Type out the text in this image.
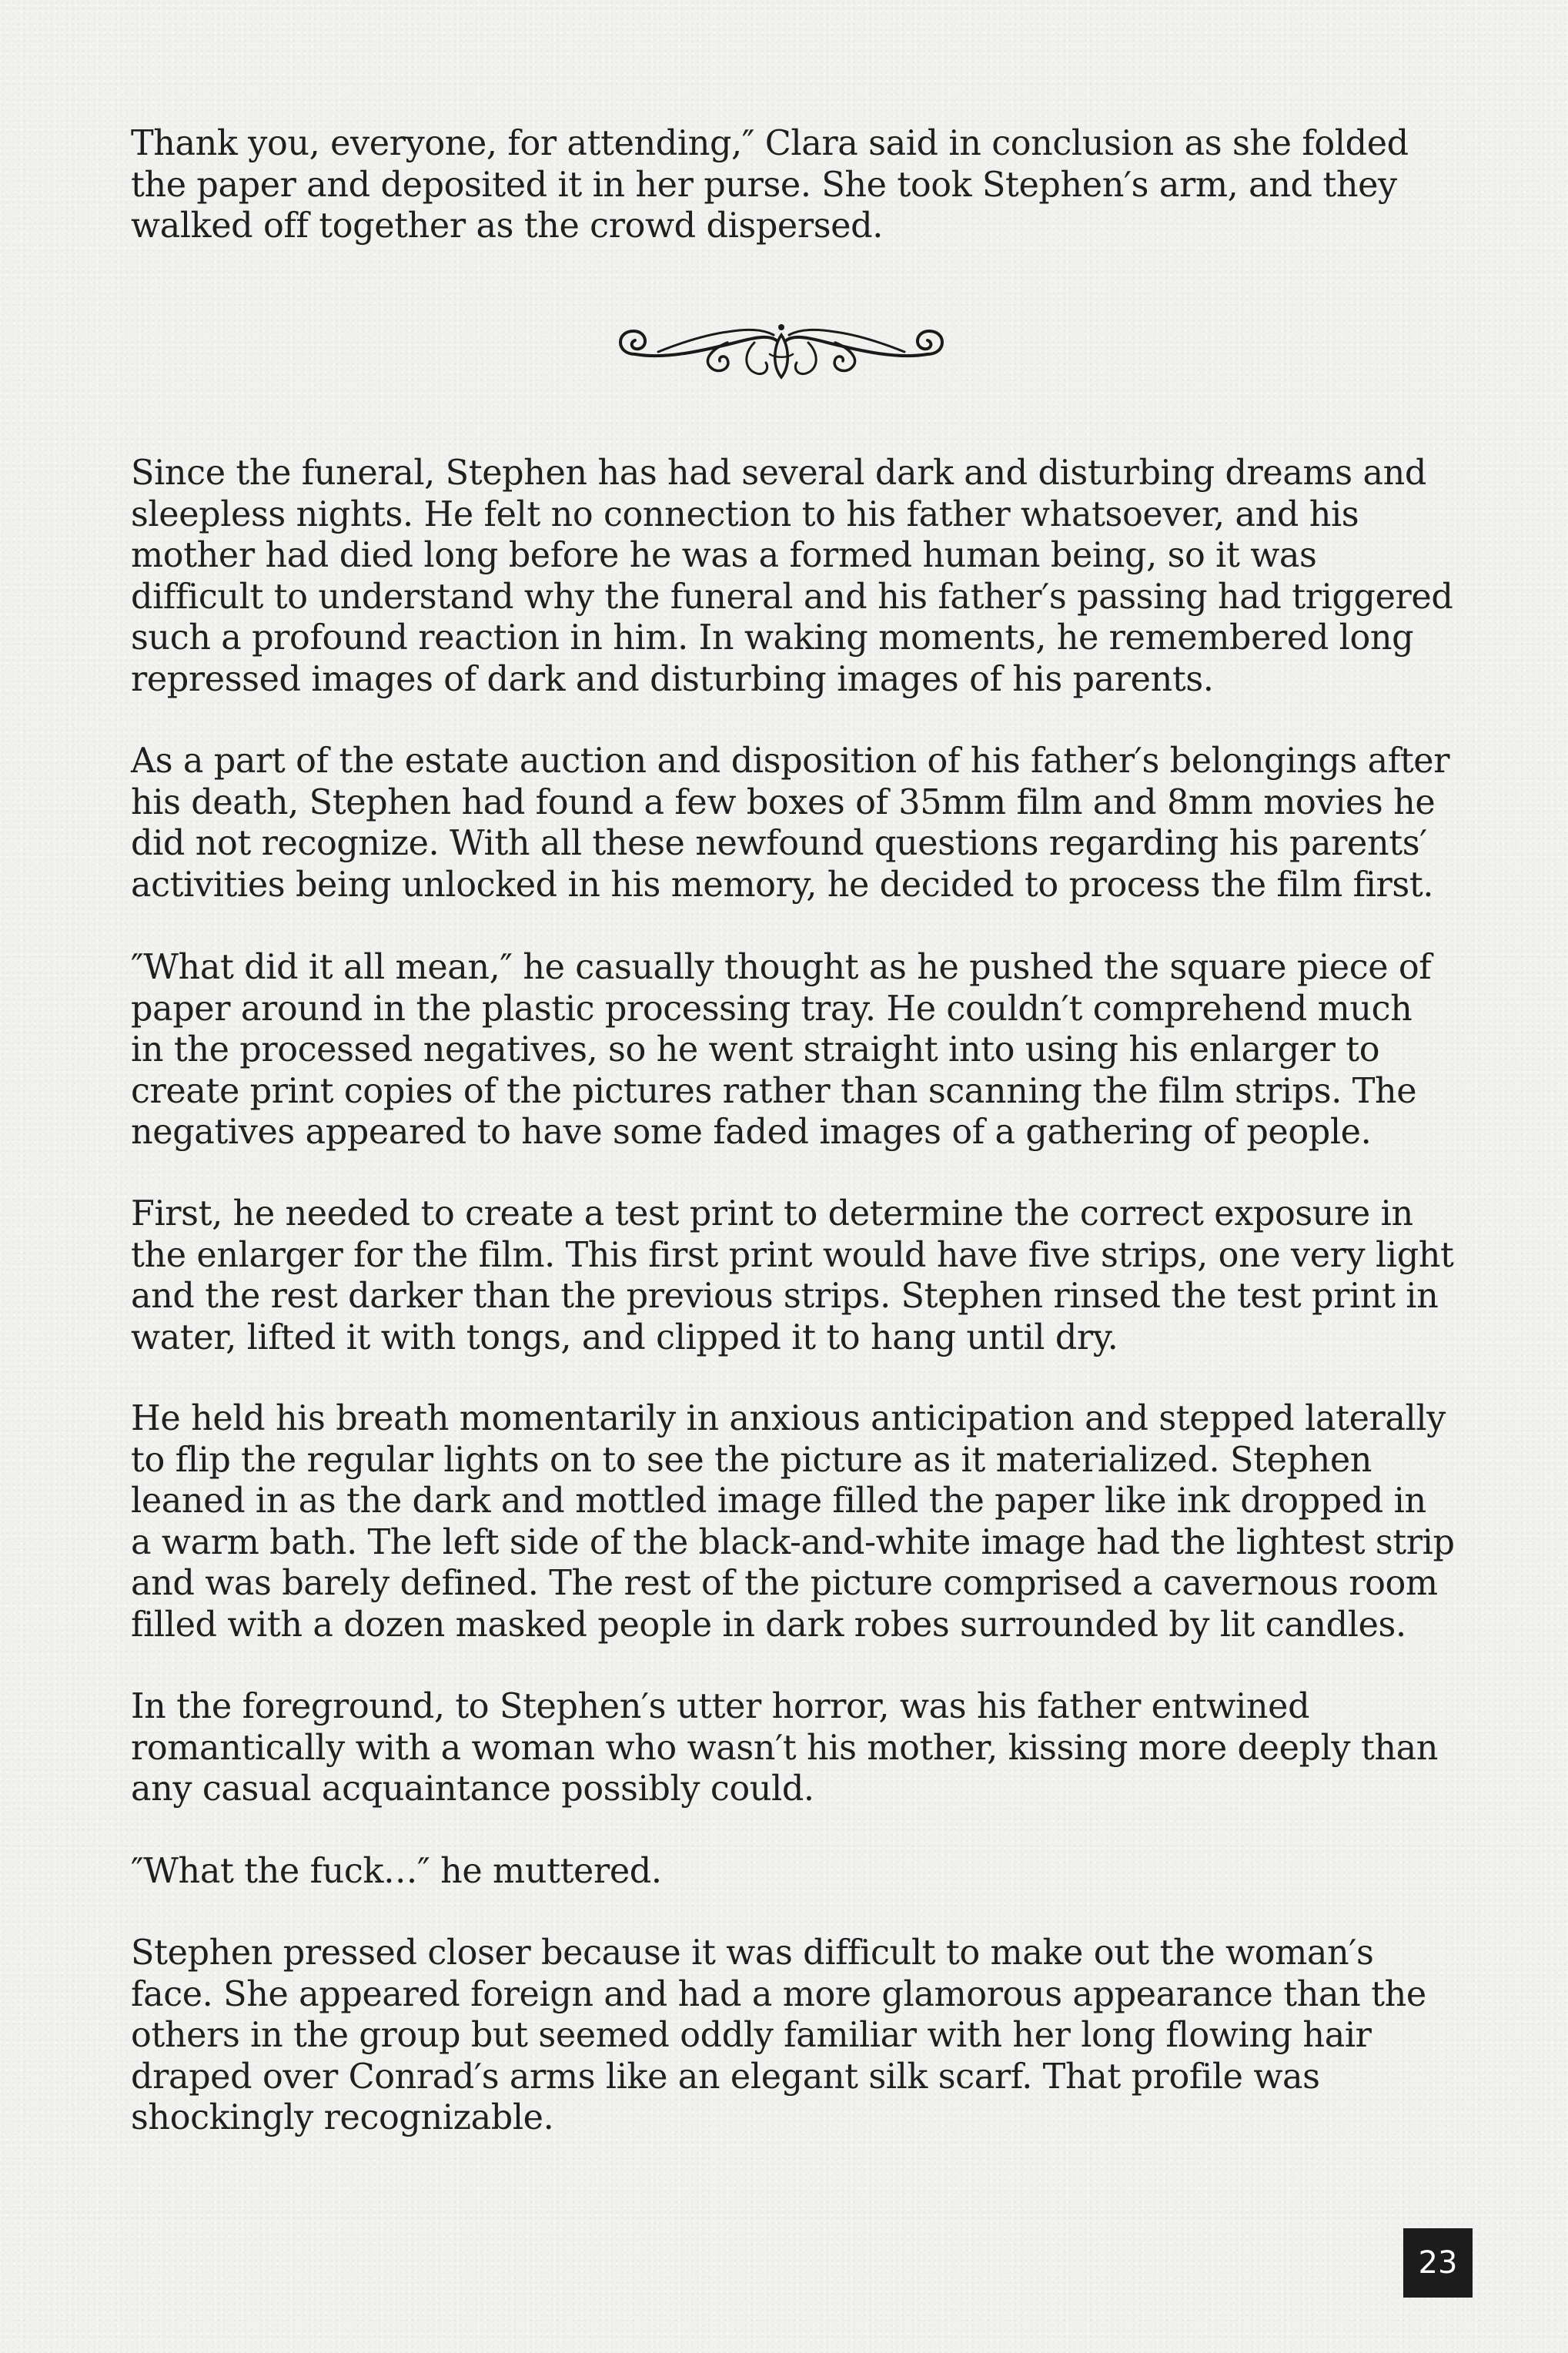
Thank you, everyone, for attending,″ Clara said in conclusion as she folded the paper and deposited it in her purse. She took Stephen′s arm, and they walked off together as the crowd dispersed.

Since the funeral, Stephen has had several dark and disturbing dreams and sleepless nights. He felt no connection to his father whatsoever, and his mother had died long before he was a formed human being, so it was difficult to understand why the funeral and his father′s passing had triggered such a profound reaction in him. In waking moments, he remembered long repressed images of dark and disturbing images of his parents.

As a part of the estate auction and disposition of his father′s belongings after his death, Stephen had found a few boxes of 35mm film and 8mm movies he did not recognize. With all these newfound questions regarding his parents′ activities being unlocked in his memory, he decided to process the film first.

″What did it all mean,″ he casually thought as he pushed the square piece of paper around in the plastic processing tray. He couldn′t comprehend much in the processed negatives, so he went straight into using his enlarger to create print copies of the pictures rather than scanning the film strips. The negatives appeared to have some faded images of a gathering of people.

First, he needed to create a test print to determine the correct exposure in the enlarger for the film. This first print would have five strips, one very light and the rest darker than the previous strips. Stephen rinsed the test print in water, lifted it with tongs, and clipped it to hang until dry.

He held his breath momentarily in anxious anticipation and stepped laterally to flip the regular lights on to see the picture as it materialized. Stephen leaned in as the dark and mottled image filled the paper like ink dropped in a warm bath. The left side of the black-and-white image had the lightest strip and was barely defined. The rest of the picture comprised a cavernous room filled with a dozen masked people in dark robes surrounded by lit candles.

In the foreground, to Stephen′s utter horror, was his father entwined romantically with a woman who wasn′t his mother, kissing more deeply than any casual acquaintance possibly could.

″What the fuck…″ he muttered.

Stephen pressed closer because it was difficult to make out the woman′s face. She appeared foreign and had a more glamorous appearance than the others in the group but seemed oddly familiar with her long flowing hair draped over Conrad′s arms like an elegant silk scarf. That profile was shockingly recognizable.

23
